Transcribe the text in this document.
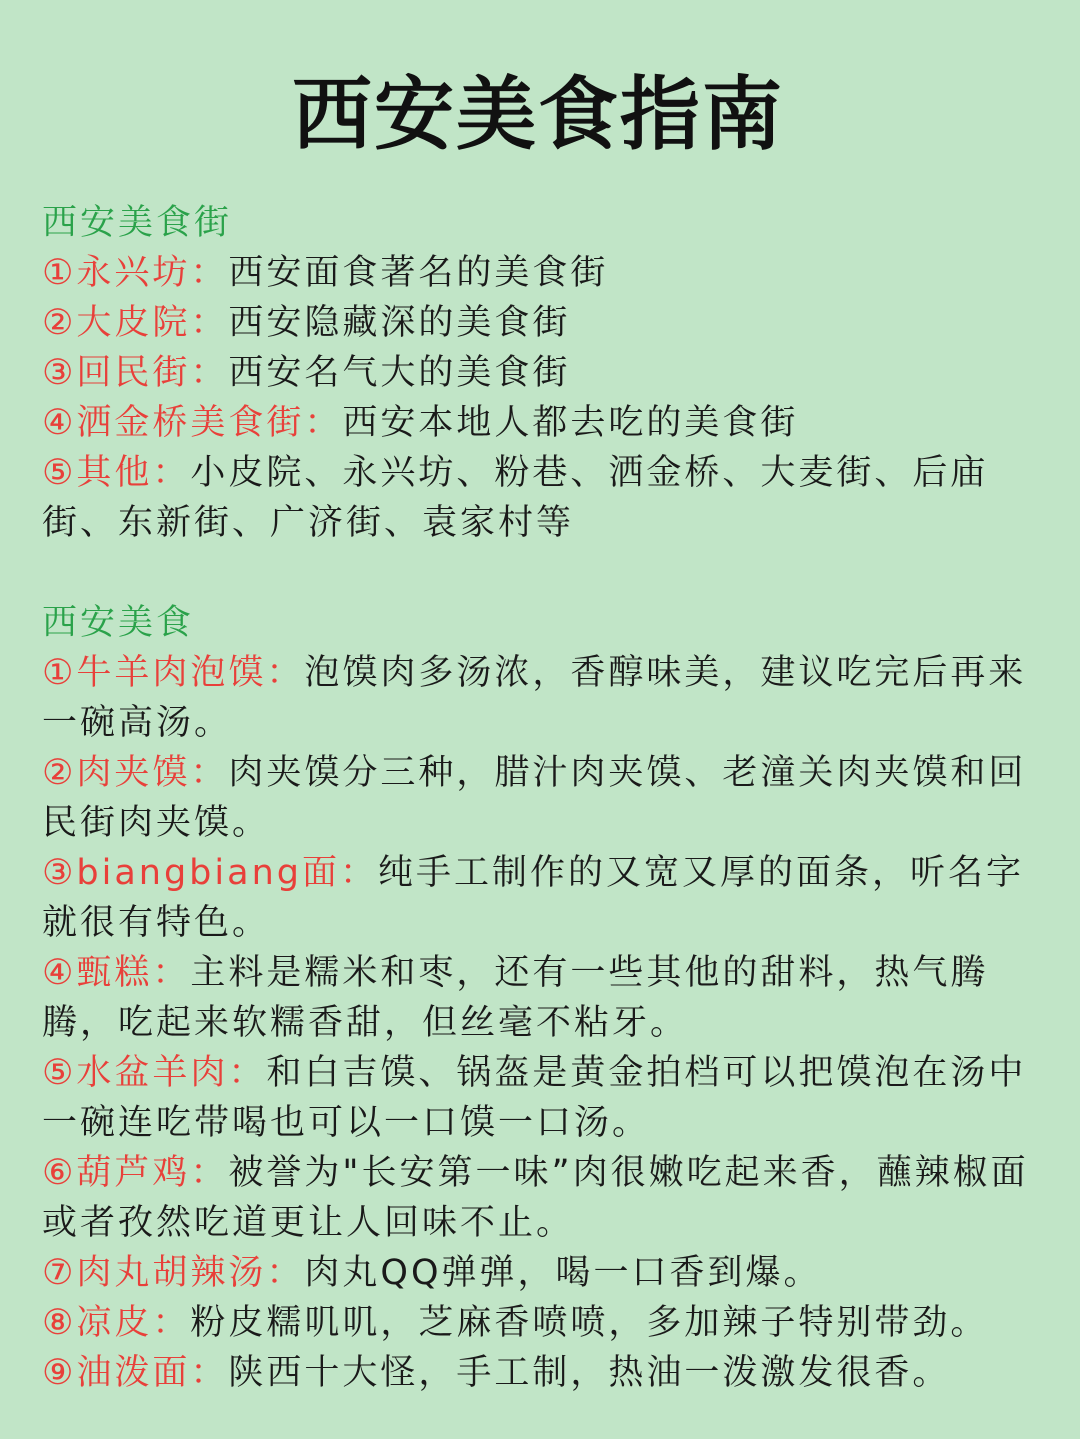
西安美食指南
西安美食街

①永兴坊：西安面食著名的美食街

②大皮院：西安隐藏深的美食街

③回民街：西安名气大的美食街

④洒金桥美食街：西安本地人都去吃的美食街

⑤其他：小皮院、永兴坊、粉巷、洒金桥、大麦街、后庙街、东新街、广济街、袁家村等

西安美食

①牛羊肉泡馍：泡馍肉多汤浓，香醇味美，建议吃完后再来一碗高汤。

②肉夹馍：肉夹馍分三种，腊汁肉夹馍、老潼关肉夹馍和回民街肉夹馍。

③biangbiang面：纯手工制作的又宽又厚的面条，听名字就很有特色。

④甄糕：主料是糯米和枣，还有一些其他的甜料，热气腾腾，吃起来软糯香甜，但丝毫不粘牙。

⑤水盆羊肉：和白吉馍、锅盔是黄金拍档可以把馍泡在汤中一碗连吃带喝也可以一口馍一口汤。

⑥葫芦鸡：被誉为"长安第一味”肉很嫩吃起来香，蘸辣椒面或者孜然吃道更让人回味不止。

⑦肉丸胡辣汤：肉丸QQ弹弹，喝一口香到爆。

⑧凉皮：粉皮糯叽叽，芝麻香喷喷，多加辣子特别带劲。

⑨油泼面：陕西十大怪，手工制，热油一泼激发很香。
